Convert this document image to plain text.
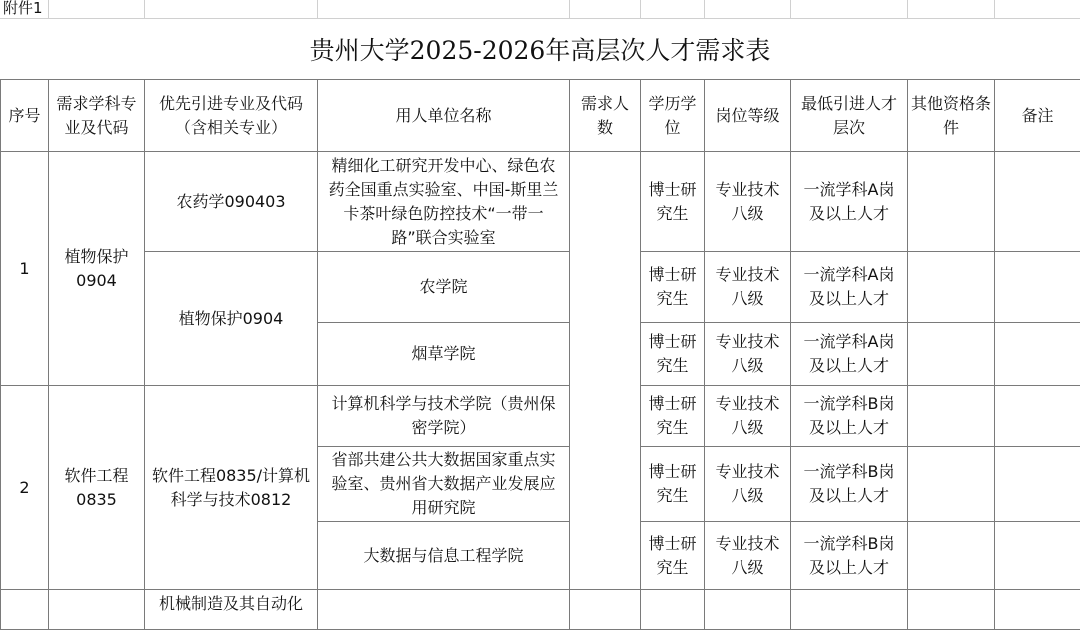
附件1
贵州大学2025-2026年高层次人才需求表
序号	需求学科专业及代码	优先引进专业及代码（含相关专业）	用人单位名称	需求人数	学历学位	岗位等级	最低引进人才层次	其他资格条件	备注
1	植物保护0904	农药学090403	精细化工研究开发中心、绿色农药全国重点实验室、中国-斯里兰卡茶叶绿色防控技术“一带一路”联合实验室		博士研究生	专业技术八级	一流学科A岗及以上人才		
		植物保护0904	农学院		博士研究生	专业技术八级	一流学科A岗及以上人才		
			烟草学院		博士研究生	专业技术八级	一流学科A岗及以上人才		
2	软件工程0835	软件工程0835/计算机科学与技术0812	计算机科学与技术学院（贵州保密学院）		博士研究生	专业技术八级	一流学科B岗及以上人才		
			省部共建公共大数据国家重点实验室、贵州省大数据产业发展应用研究院		博士研究生	专业技术八级	一流学科B岗及以上人才		
			大数据与信息工程学院		博士研究生	专业技术八级	一流学科B岗及以上人才		
		机械制造及其自动化							
